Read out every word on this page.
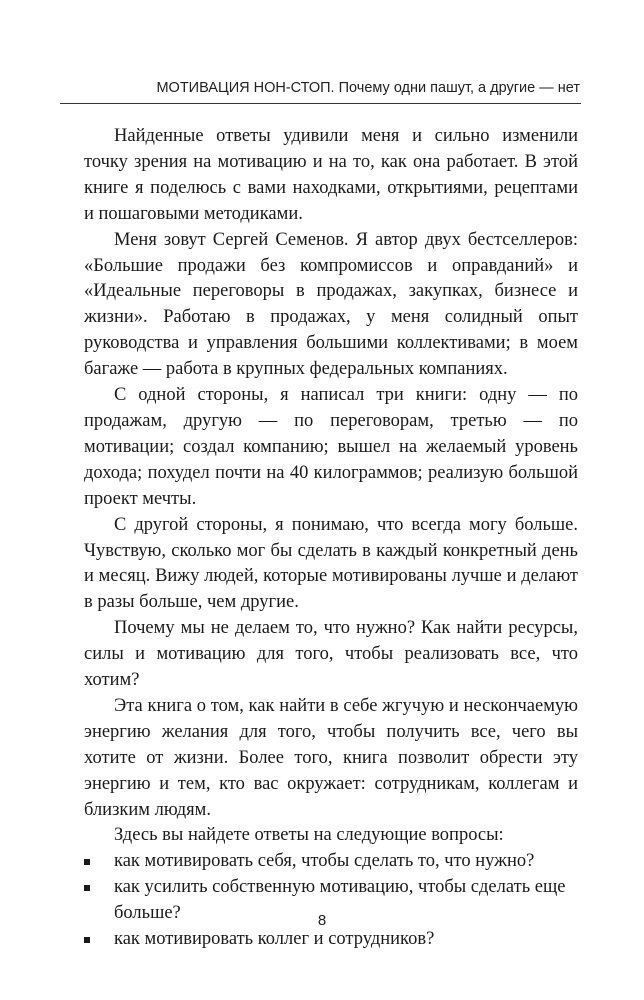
МОТИВАЦИЯ НОН-СТОП. Почему одни пашут, а другие — нет

Найденные ответы удивили меня и сильно изменили точку зрения на мотивацию и на то, как она работает. В этой книге я поделюсь с вами находками, открытиями, рецептами и пошаговыми методиками.

Меня зовут Сергей Семенов. Я автор двух бестселлеров: «Большие продажи без компромиссов и оправданий» и «Идеальные переговоры в продажах, закупках, бизнесе и жизни». Работаю в продажах, у меня солидный опыт руководства и управления большими коллективами; в моем багаже — работа в крупных федеральных компаниях.

С одной стороны, я написал три книги: одну — по продажам, другую — по переговорам, третью — по мотивации; создал компанию; вышел на желаемый уровень дохода; похудел почти на 40 килограммов; реализую большой проект мечты.

С другой стороны, я понимаю, что всегда могу больше. Чувствую, сколько мог бы сделать в каждый конкретный день и месяц. Вижу людей, которые мотивированы лучше и делают в разы больше, чем другие.

Почему мы не делаем то, что нужно? Как найти ресурсы, силы и мотивацию для того, чтобы реализовать все, что хотим?

Эта книга о том, как найти в себе жгучую и нескончаемую энергию желания для того, чтобы получить все, чего вы хотите от жизни. Более того, книга позволит обрести эту энергию и тем, кто вас окружает: сотрудникам, коллегам и близким людям.

Здесь вы найдете ответы на следующие вопросы:

как мотивировать себя, чтобы сделать то, что нужно?
как усилить собственную мотивацию, чтобы сделать еще больше?
как мотивировать коллег и сотрудников?
8
